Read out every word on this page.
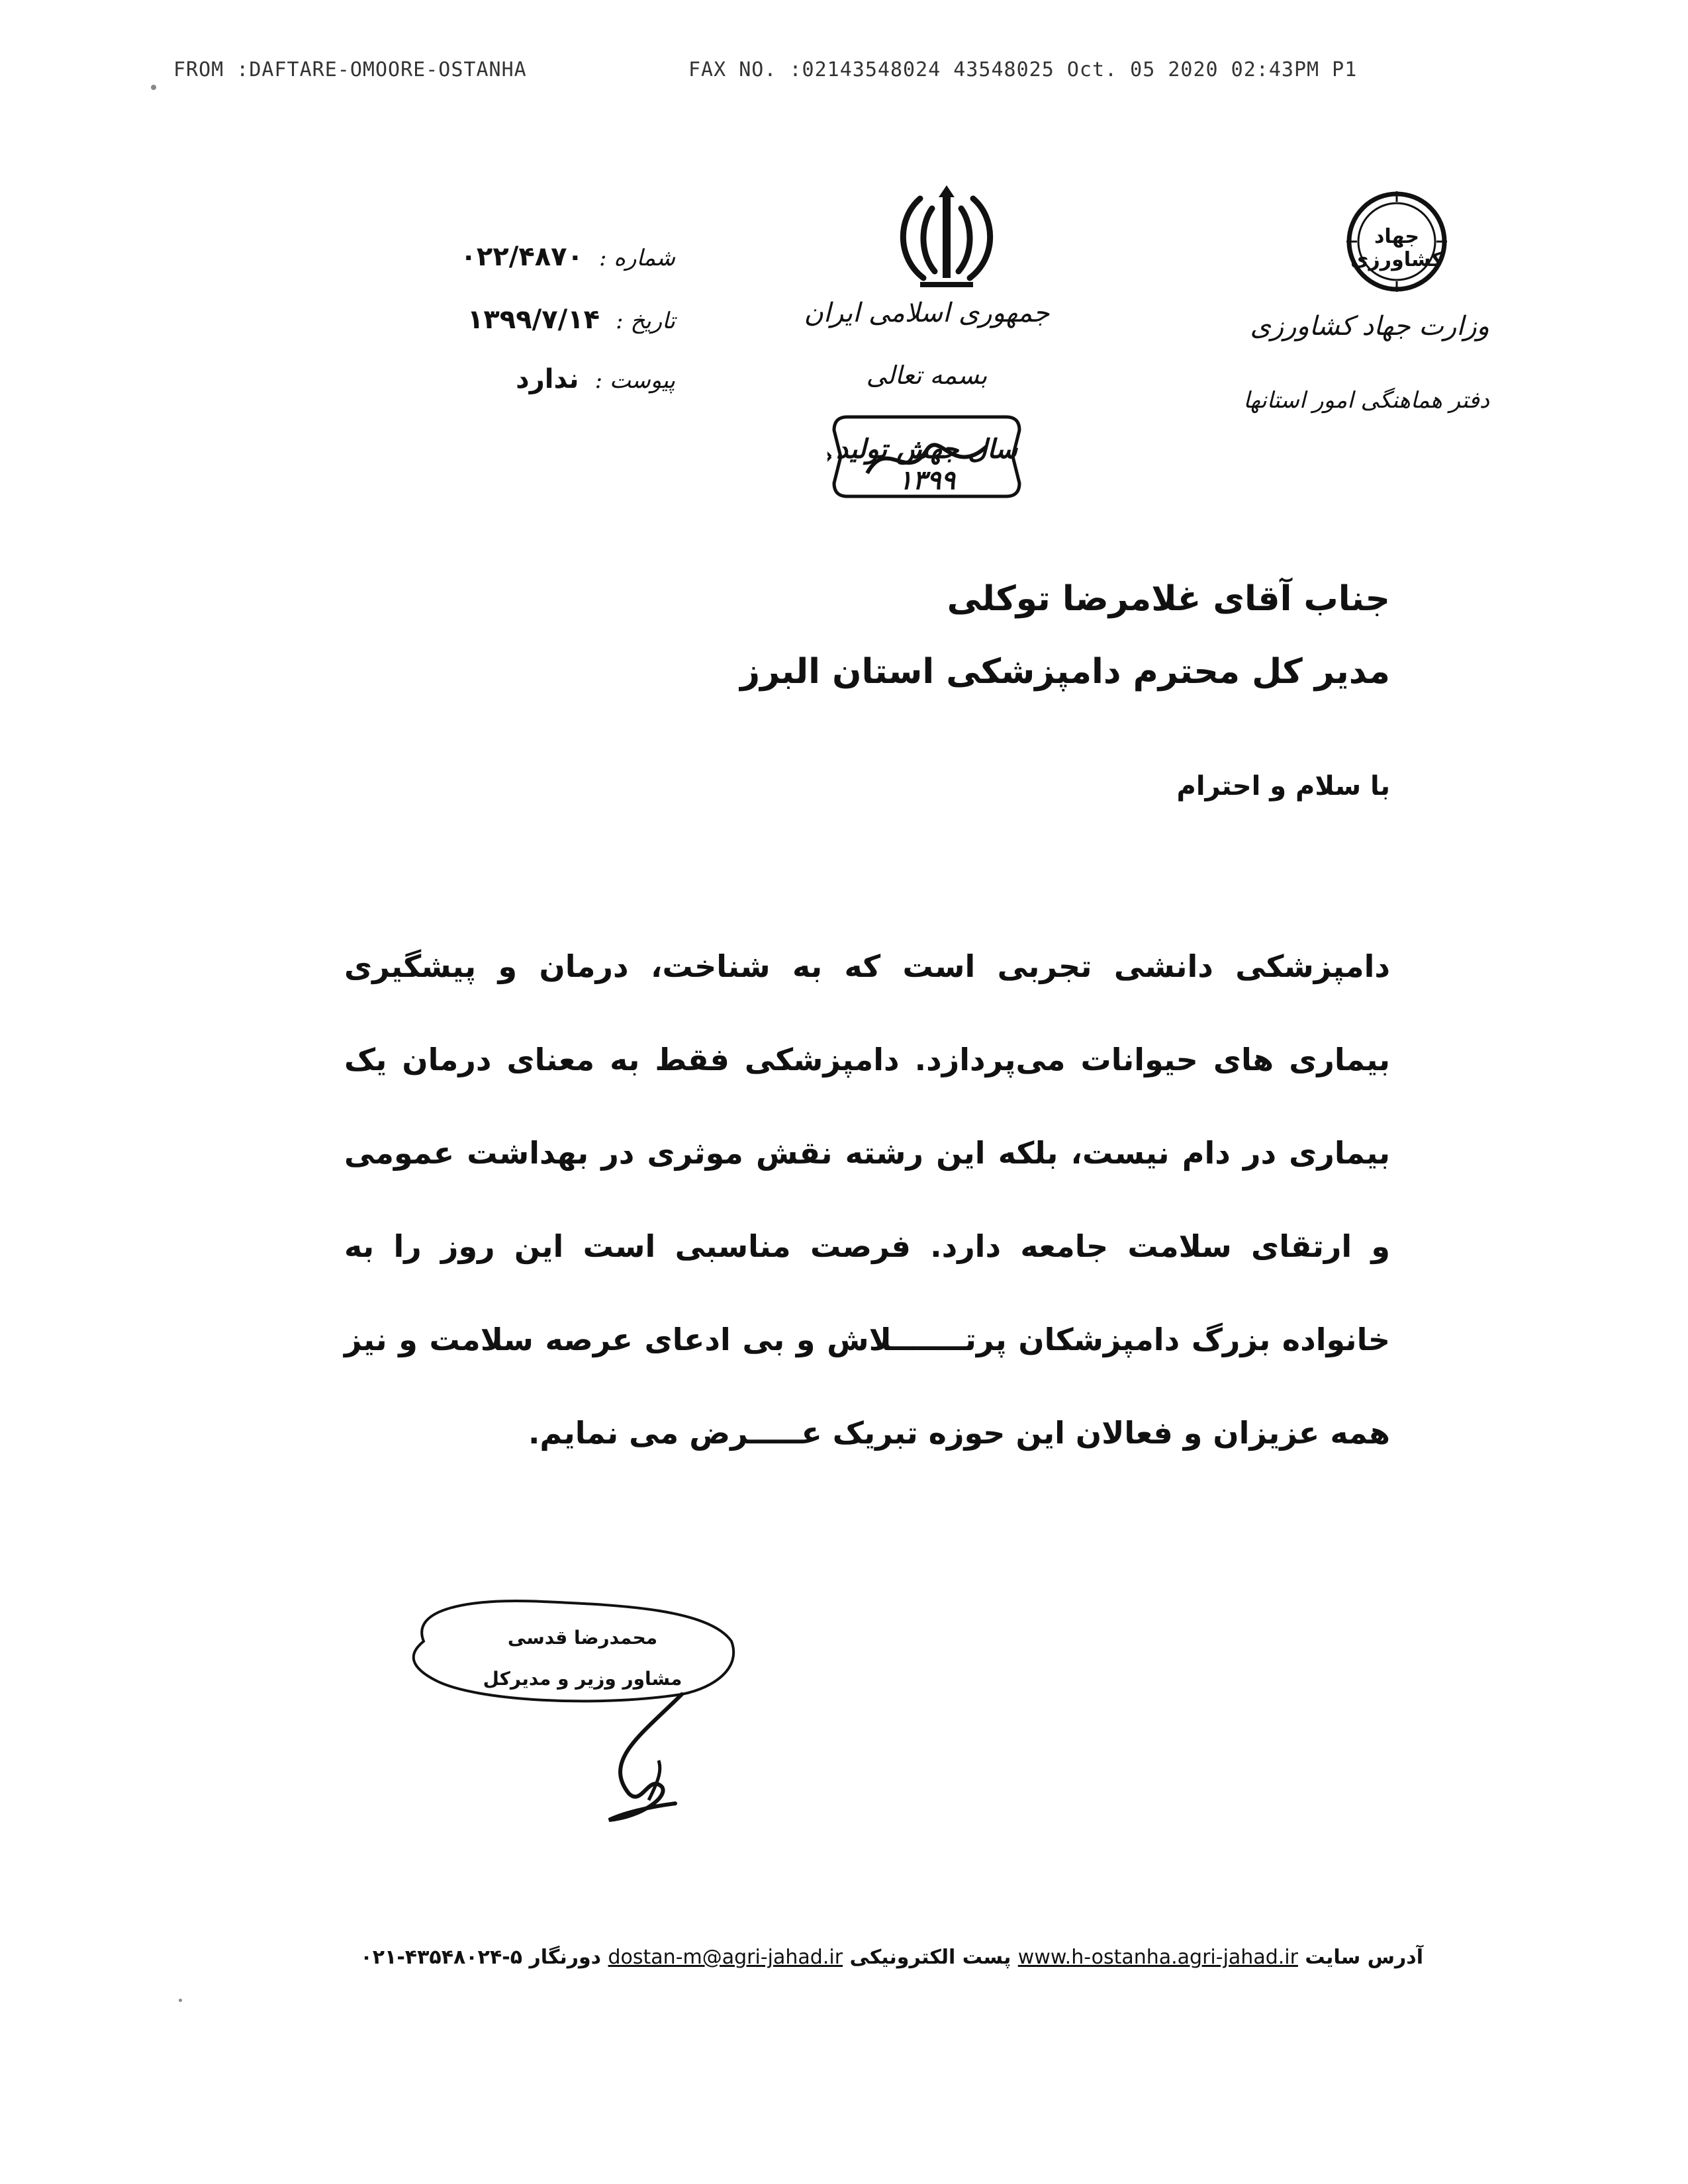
FROM :DAFTARE-OMOORE-OSTANHA	FAX NO. :02143548024 43548025 Oct. 05 2020 02:43PM P1
شماره :۰۲۲/۴۸۷۰
تاریخ :۱۳۹۹/۷/۱۴
پیوست :ندارد
جمهوری اسلامی ایران
بسمه تعالی
سال جهش تولید ۱۳۹۹
جهاد کشاورزی
وزارت جهاد کشاورزی
دفتر هماهنگی امور استانها
جناب آقای غلامرضا توکلی
مدیر کل محترم دامپزشکی استان البرز
با سلام و احترام
دامپزشکی دانشی تجربی است که به شناخت، درمان و پیشگیری بیماری های حیوانات می‌پردازد. دامپزشکی فقط به معنای درمان یک بیماری در دام نیست، بلکه این رشته نقش موثری در بهداشت عمومی و ارتقای سلامت جامعه دارد. فرصت مناسبی است این روز را به خانواده بزرگ دامپزشکان پرتـــــــلاش و بی ادعای عرصه سلامت و نیز همه عزیزان و فعالان این حوزه تبریک عـــــرض می نمایم.
محمدرضا قدسی
مشاور وزیر و مدیرکل
آدرس سایت www.h-ostanha.agri-jahad.ir پست الکترونیکی dostan-m@agri-jahad.ir دورنگار ۵-۴۳۵۴۸۰۲۴-۰۲۱
